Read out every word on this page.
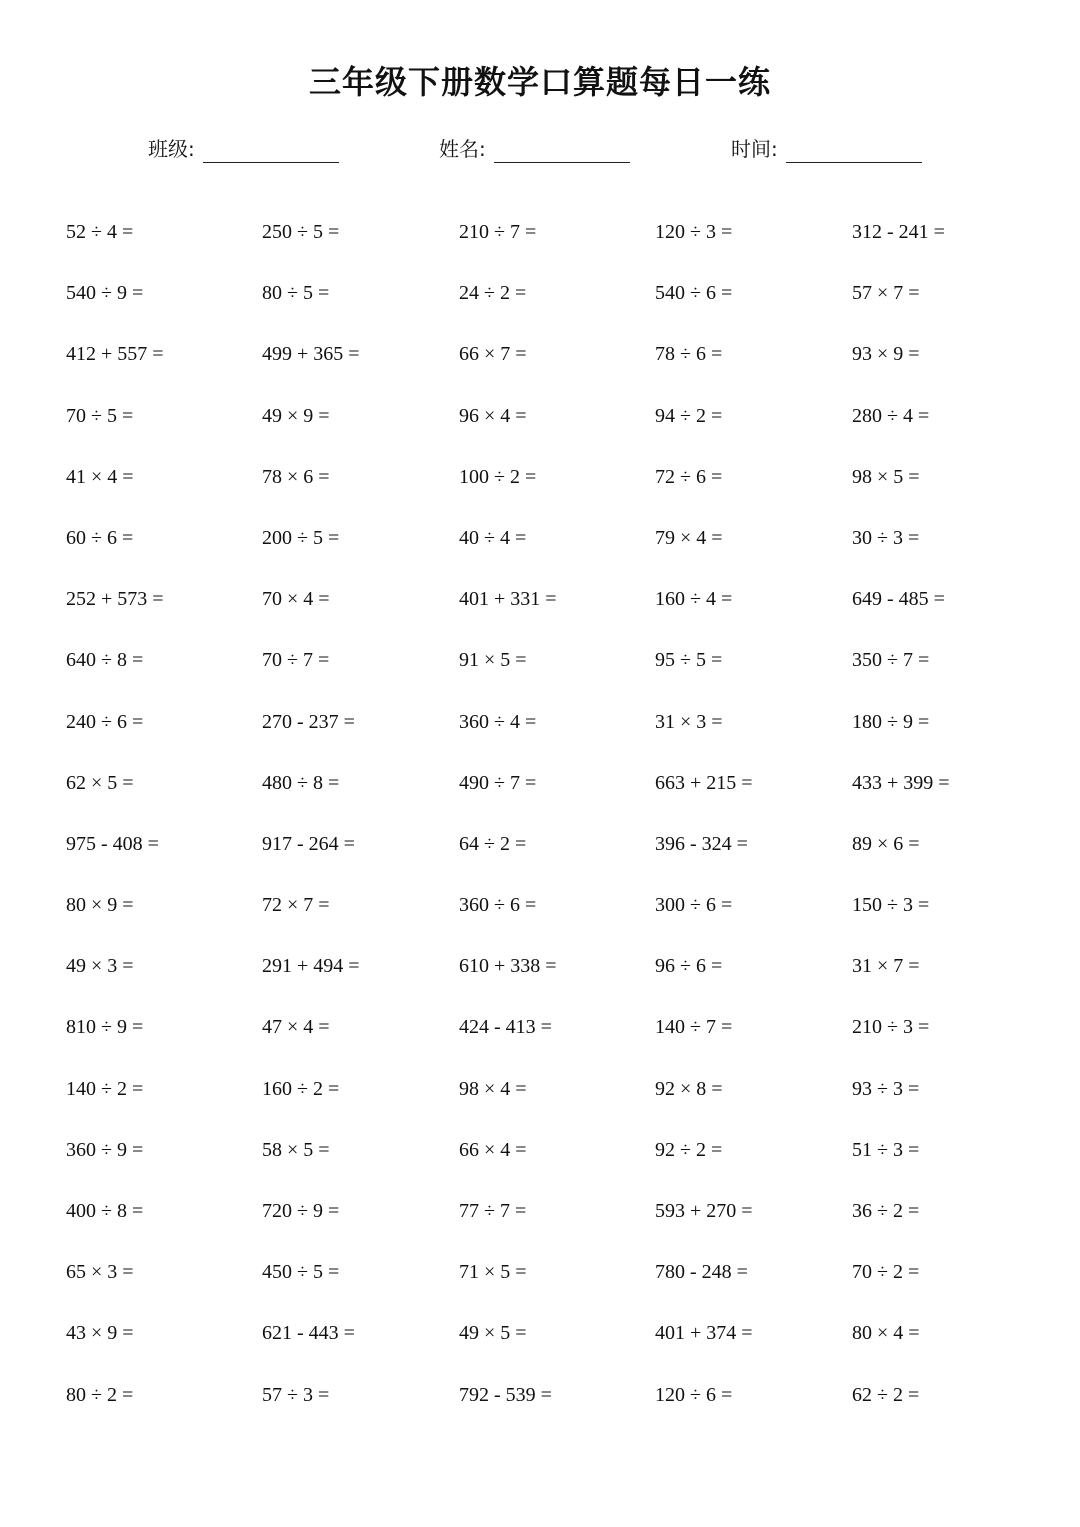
三年级下册数学口算题每日一练
班级:	姓名:	时间:
52 ÷ 4 =	250 ÷ 5 =	210 ÷ 7 =	120 ÷ 3 =	312 - 241 =
540 ÷ 9 =	80 ÷ 5 =	24 ÷ 2 =	540 ÷ 6 =	57 × 7 =
412 + 557 =	499 + 365 =	66 × 7 =	78 ÷ 6 =	93 × 9 =
70 ÷ 5 =	49 × 9 =	96 × 4 =	94 ÷ 2 =	280 ÷ 4 =
41 × 4 =	78 × 6 =	100 ÷ 2 =	72 ÷ 6 =	98 × 5 =
60 ÷ 6 =	200 ÷ 5 =	40 ÷ 4 =	79 × 4 =	30 ÷ 3 =
252 + 573 =	70 × 4 =	401 + 331 =	160 ÷ 4 =	649 - 485 =
640 ÷ 8 =	70 ÷ 7 =	91 × 5 =	95 ÷ 5 =	350 ÷ 7 =
240 ÷ 6 =	270 - 237 =	360 ÷ 4 =	31 × 3 =	180 ÷ 9 =
62 × 5 =	480 ÷ 8 =	490 ÷ 7 =	663 + 215 =	433 + 399 =
975 - 408 =	917 - 264 =	64 ÷ 2 =	396 - 324 =	89 × 6 =
80 × 9 =	72 × 7 =	360 ÷ 6 =	300 ÷ 6 =	150 ÷ 3 =
49 × 3 =	291 + 494 =	610 + 338 =	96 ÷ 6 =	31 × 7 =
810 ÷ 9 =	47 × 4 =	424 - 413 =	140 ÷ 7 =	210 ÷ 3 =
140 ÷ 2 =	160 ÷ 2 =	98 × 4 =	92 × 8 =	93 ÷ 3 =
360 ÷ 9 =	58 × 5 =	66 × 4 =	92 ÷ 2 =	51 ÷ 3 =
400 ÷ 8 =	720 ÷ 9 =	77 ÷ 7 =	593 + 270 =	36 ÷ 2 =
65 × 3 =	450 ÷ 5 =	71 × 5 =	780 - 248 =	70 ÷ 2 =
43 × 9 =	621 - 443 =	49 × 5 =	401 + 374 =	80 × 4 =
80 ÷ 2 =	57 ÷ 3 =	792 - 539 =	120 ÷ 6 =	62 ÷ 2 =
